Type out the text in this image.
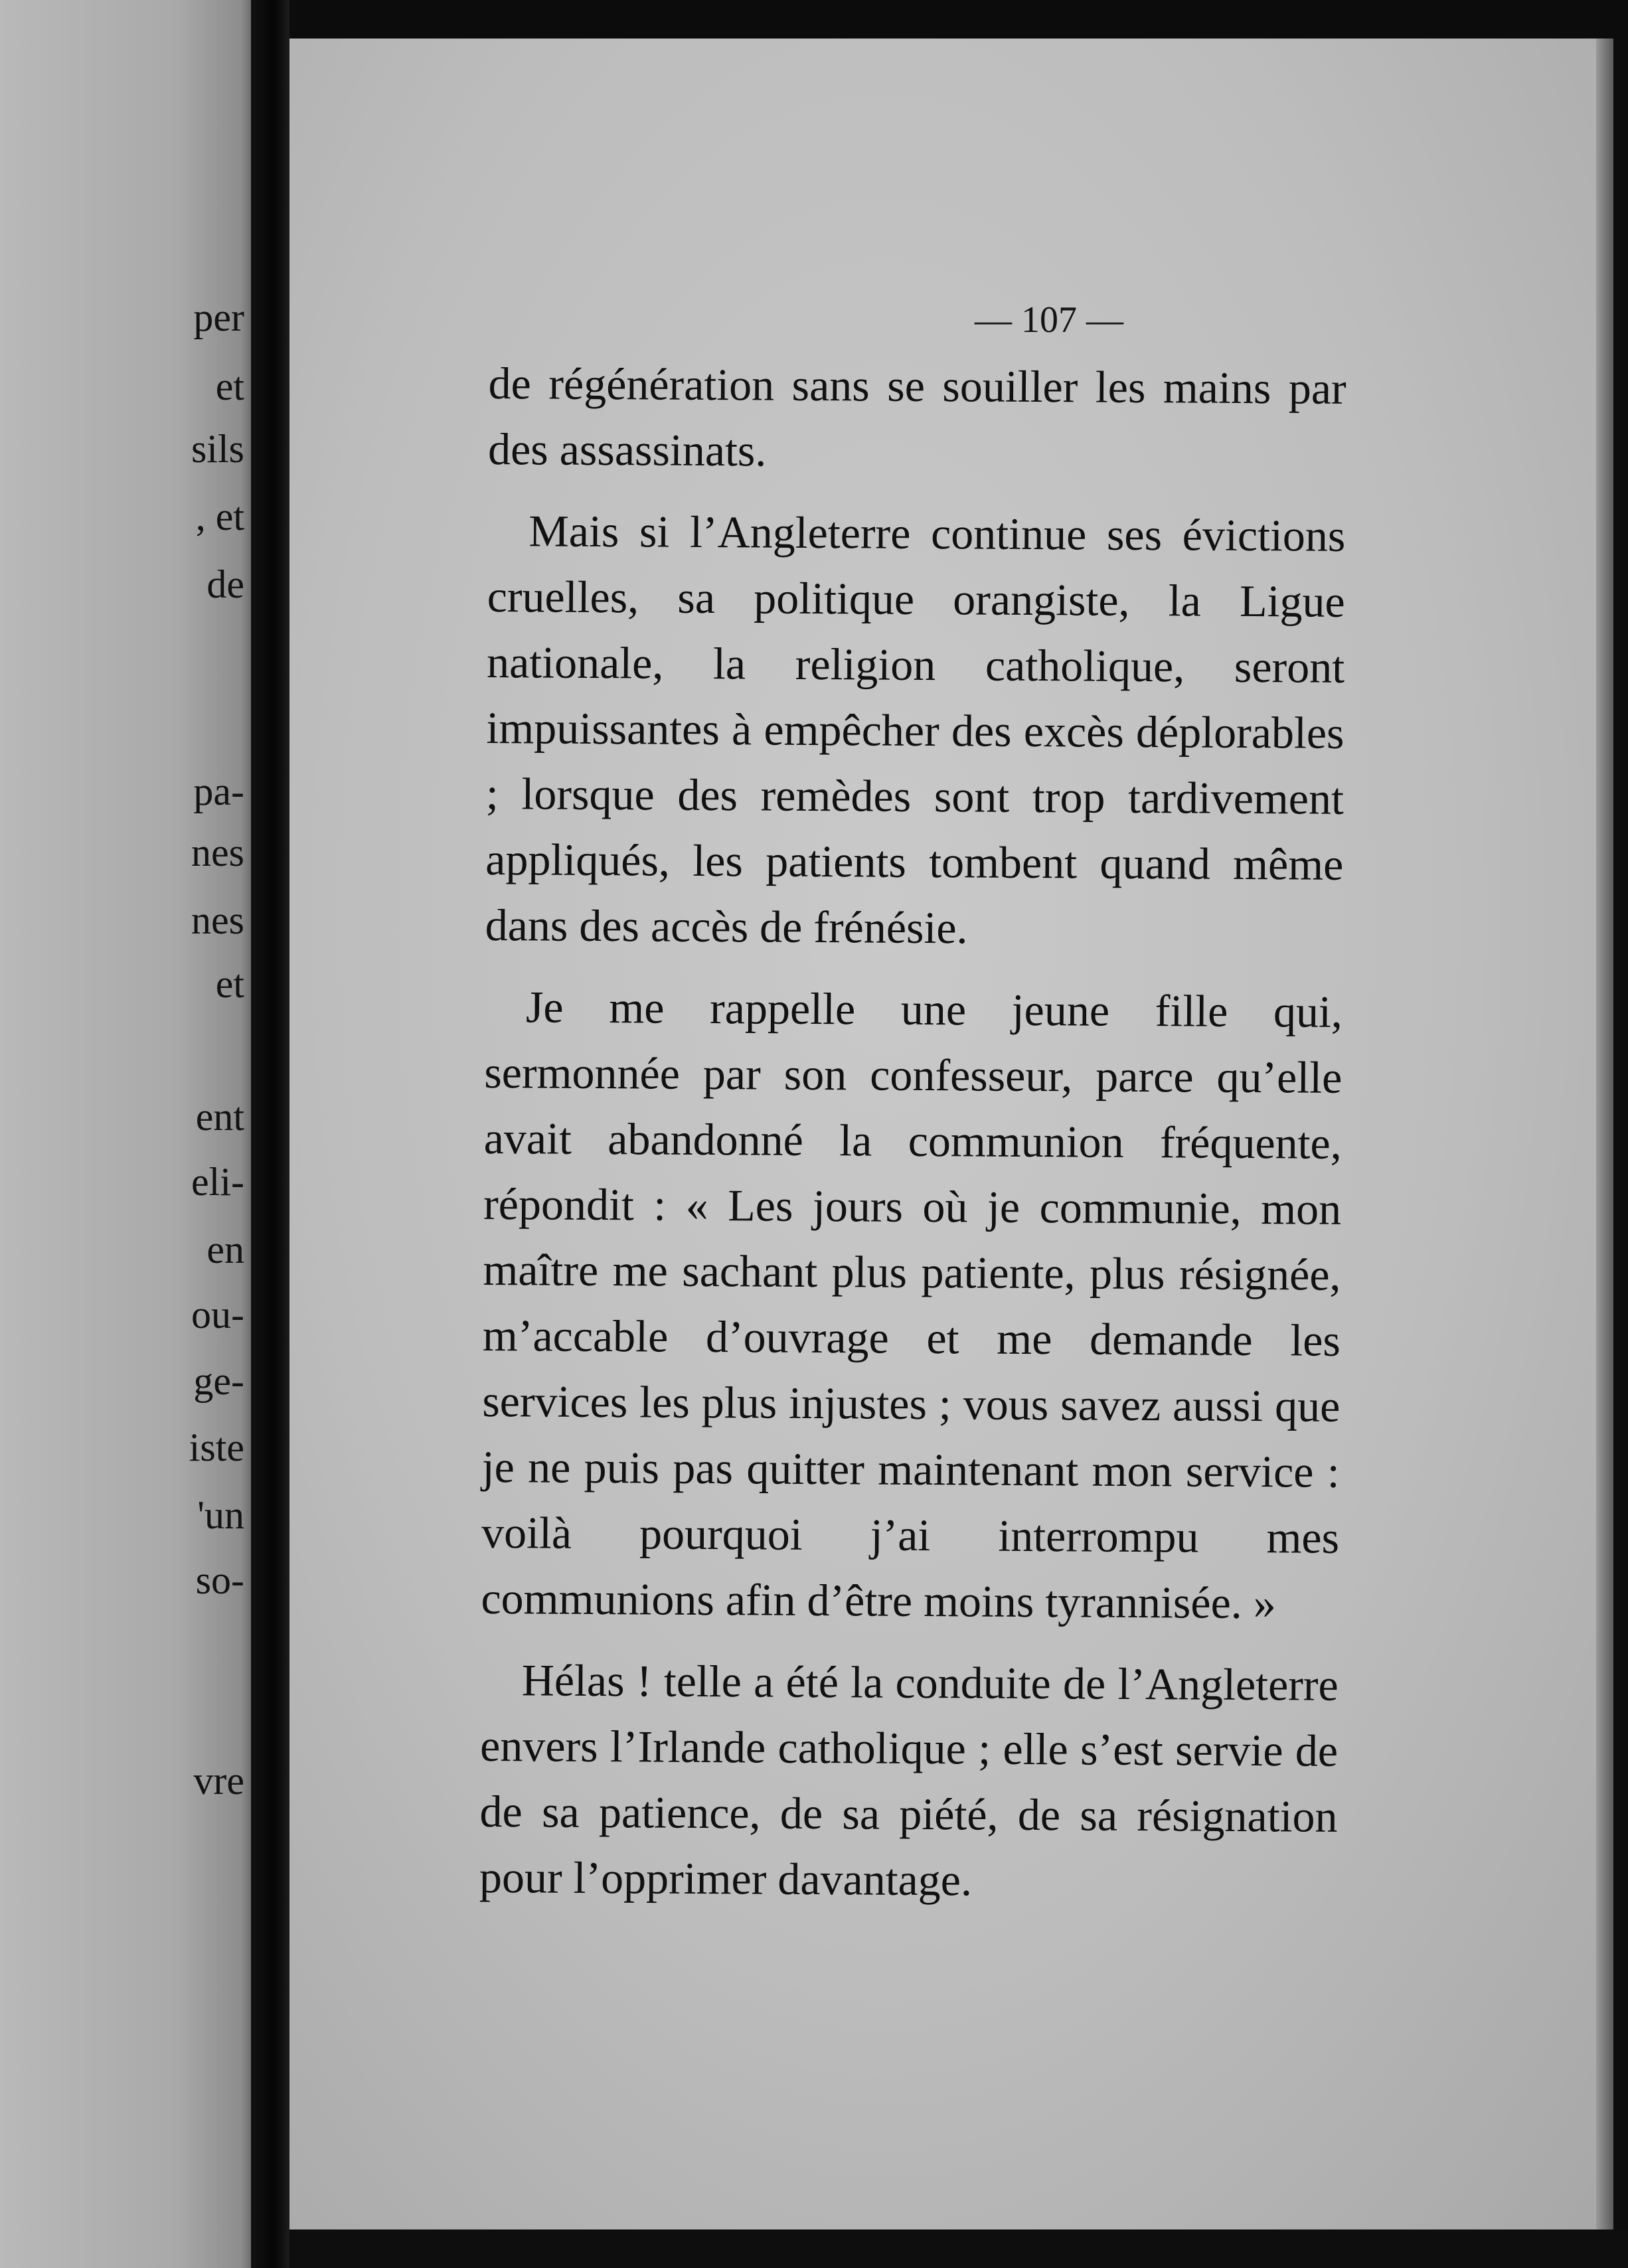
per
et
sils
, et
de
pa-
nes
nes
et
ent
eli-
en
ou-
ge-
iste
'un
so-
vre
— 107 —

de régénération sans se souiller les mains par des assassinats.

Mais si l’Angleterre continue ses évictions cruelles, sa politique orangiste, la Ligue nationale, la religion catholique, seront impuissantes à empêcher des excès déplorables ; lorsque des remèdes sont trop tardivement appliqués, les patients tombent quand même dans des accès de frénésie.

Je me rappelle une jeune fille qui, sermonnée par son confesseur, parce qu’elle avait abandonné la communion fréquente, répondit : « Les jours où je communie, mon maître me sachant plus patiente, plus résignée, m’accable d’ouvrage et me demande les services les plus injustes ; vous savez aussi que je ne puis pas quitter maintenant mon service : voilà pourquoi j’ai interrompu mes communions afin d’être moins tyrannisée. »

Hélas ! telle a été la conduite de l’Angleterre envers l’Irlande catholique ; elle s’est servie de de sa patience, de sa piété, de sa résignation pour l’opprimer davantage.
